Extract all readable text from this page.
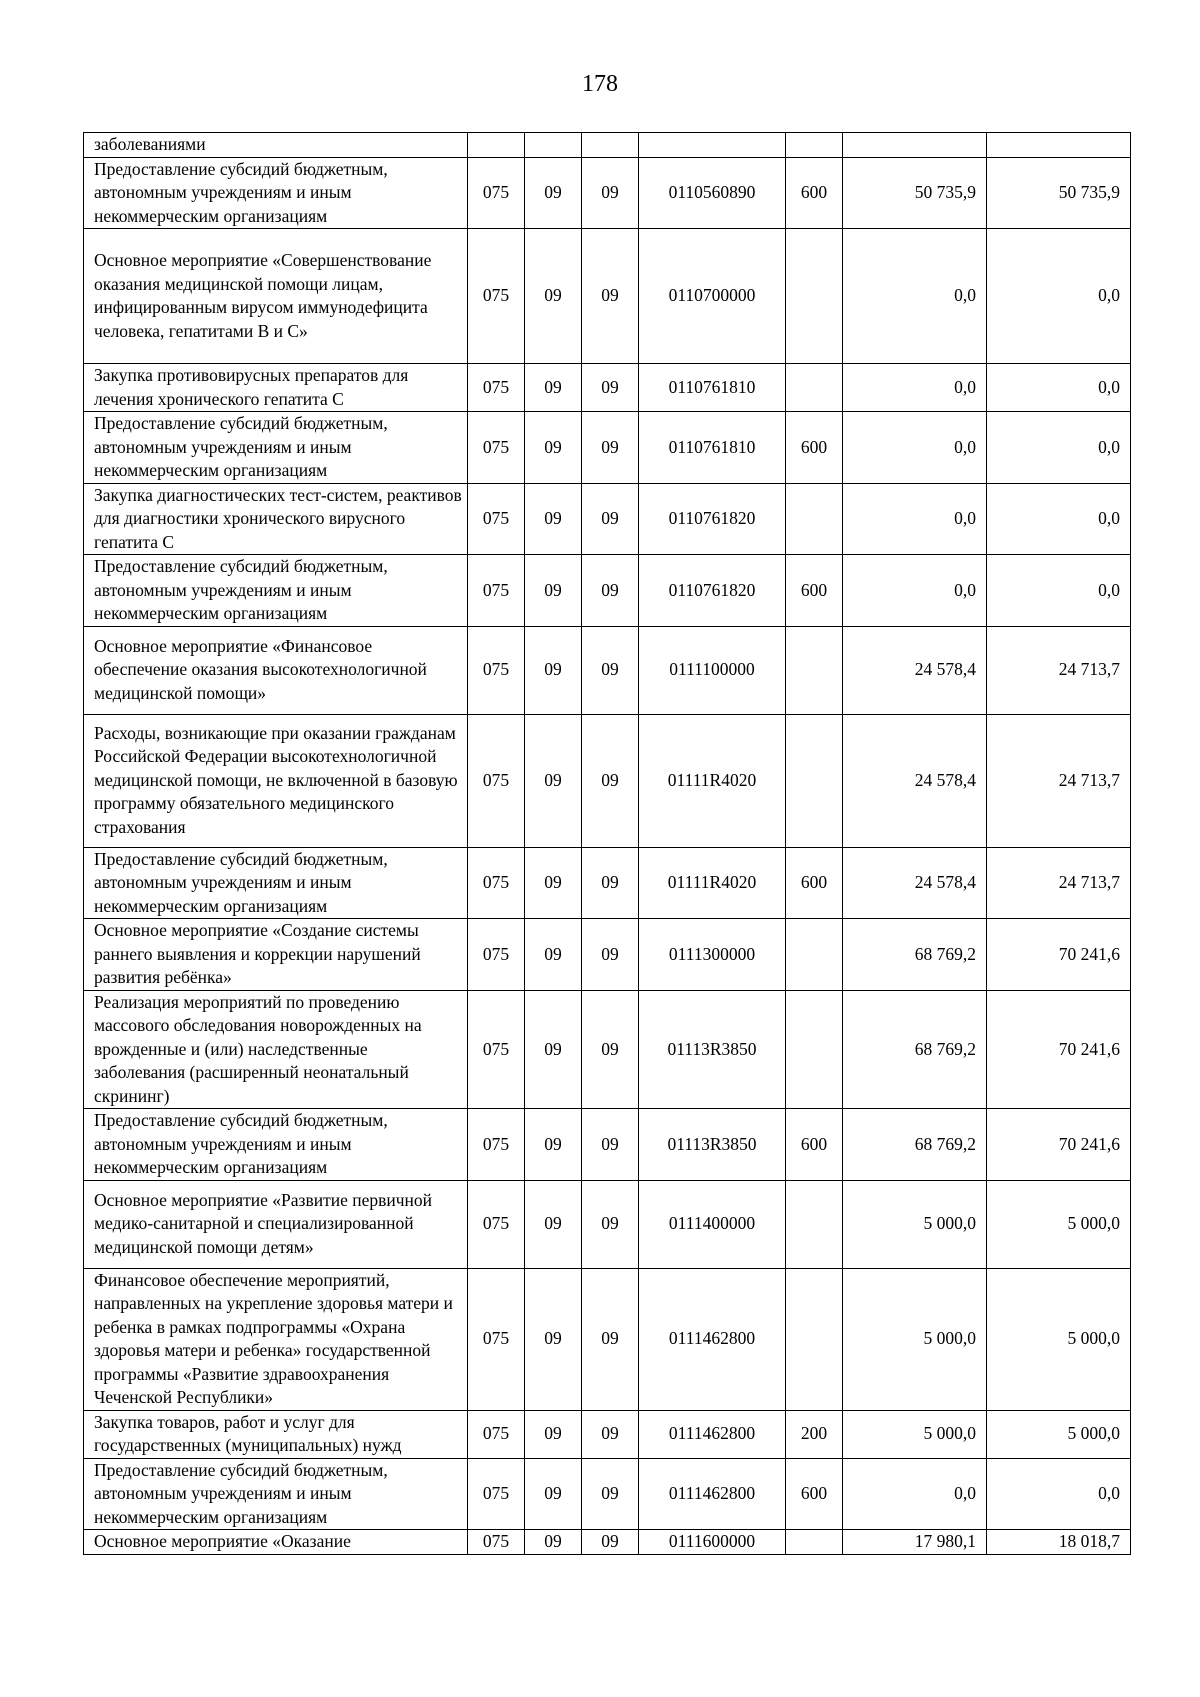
178
заболеваниями							
Предоставление субсидий бюджетным, автономным учреждениям и иным некоммерческим организациям	075	09	09	0110560890	600	50 735,9	50 735,9
Основное мероприятие «Совершенствование оказания медицинской помощи лицам, инфицированным вирусом иммунодефицита человека, гепатитами В и С»	075	09	09	0110700000		0,0	0,0
Закупка противовирусных препаратов для лечения хронического гепатита С	075	09	09	0110761810		0,0	0,0
Предоставление субсидий бюджетным, автономным учреждениям и иным некоммерческим организациям	075	09	09	0110761810	600	0,0	0,0
Закупка диагностических тест-систем, реактивов для диагностики хронического вирусного гепатита С	075	09	09	0110761820		0,0	0,0
Предоставление субсидий бюджетным, автономным учреждениям и иным некоммерческим организациям	075	09	09	0110761820	600	0,0	0,0
Основное мероприятие «Финансовое обеспечение оказания высокотехнологичной медицинской помощи»	075	09	09	0111100000		24 578,4	24 713,7
Расходы, возникающие при оказании гражданам Российской Федерации высокотехнологичной медицинской помощи, не включенной в базовую программу обязательного медицинского страхования	075	09	09	01111R4020		24 578,4	24 713,7
Предоставление субсидий бюджетным, автономным учреждениям и иным некоммерческим организациям	075	09	09	01111R4020	600	24 578,4	24 713,7
Основное мероприятие «Создание системы раннего выявления и коррекции нарушений развития ребёнка»	075	09	09	0111300000		68 769,2	70 241,6
Реализация мероприятий по проведению массового обследования новорожденных на врожденные и (или) наследственные заболевания (расширенный неонатальный скрининг)	075	09	09	01113R3850		68 769,2	70 241,6
Предоставление субсидий бюджетным, автономным учреждениям и иным некоммерческим организациям	075	09	09	01113R3850	600	68 769,2	70 241,6
Основное мероприятие «Развитие первичной медико-санитарной и специализированной медицинской помощи детям»	075	09	09	0111400000		5 000,0	5 000,0
Финансовое обеспечение мероприятий, направленных на укрепление здоровья матери и ребенка в рамках подпрограммы «Охрана здоровья матери и ребенка» государственной программы «Развитие здравоохранения Чеченской Республики»	075	09	09	0111462800		5 000,0	5 000,0
Закупка товаров, работ и услуг для государственных (муниципальных) нужд	075	09	09	0111462800	200	5 000,0	5 000,0
Предоставление субсидий бюджетным, автономным учреждениям и иным некоммерческим организациям	075	09	09	0111462800	600	0,0	0,0
Основное мероприятие «Оказание	075	09	09	0111600000		17 980,1	18 018,7
